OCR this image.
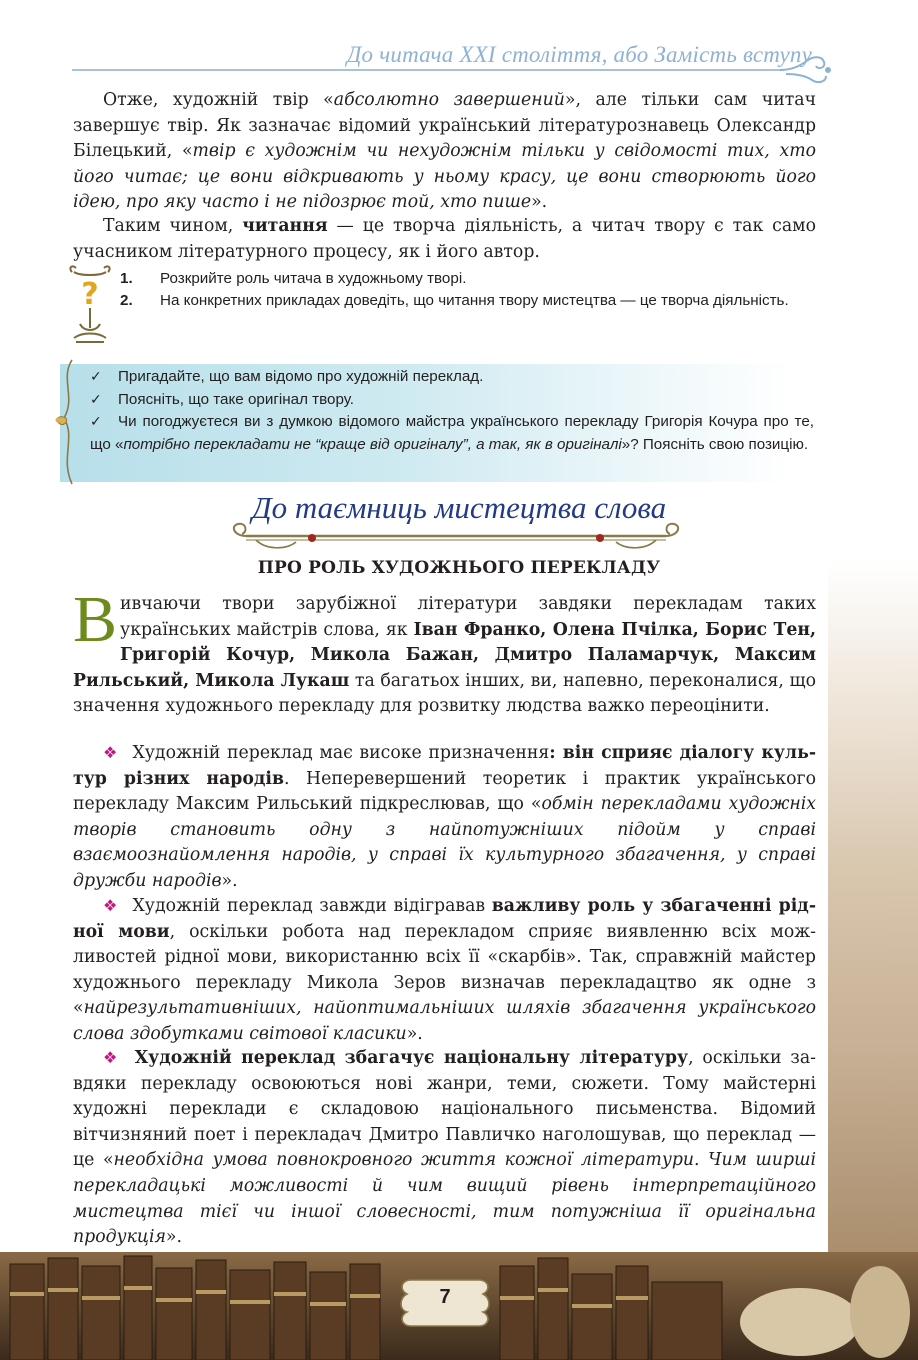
До читача XXI століття, або Замість вступу

Отже, художній твір «абсолютно завершений», але тільки сам читач завершує твір. Як зазначає відомий український літературознавець Олександр Білецький, «твір є художнім чи нехудожнім тільки у свідомості тих, хто його читає; це вони відкривають у ньому красу, це вони створюють його ідею, про яку часто і не підозрює той, хто пише».

Таким чином, читання — це творча діяльність, а читач твору є так само учасником літературного процесу, як і його автор.

? 1.	Розкрийте роль читача в художньому творі.
2.	На конкретних прикладах доведіть, що читання твору мистецтва — це творча діяльність.
✓ Пригадайте, що вам відомо про художній переклад.
✓ Поясніть, що таке оригінал твору.
✓ Чи погоджуєтеся ви з думкою відомого майстра українського перекладу Григорія Кочура про те, що «потрібно перекладати не “краще від оригіналу”, а так, як в оригіналі»? Поясніть свою позицію.
До таємниць мистецтва слова
ПРО РОЛЬ ХУДОЖНЬОГО ПЕРЕКЛАДУ

Вивчаючи твори зарубіжної літератури завдяки перекладам таких українських майстрів слова, як Іван Франко, Олена Пчілка, Борис Тен, Григорій Кочур, Микола Бажан, Дмитро Паламарчук, Максим Рильський, Микола Лукаш та багатьох інших, ви, напевно, переконалися, що значення художнього перекладу для розвитку людства важко переоцінити.

❖ Художній переклад має високе призначення: він сприяє діалогу культур різних народів. Неперевершений теоретик і практик українського перекладу Максим Рильський підкреслював, що «обмін перекладами художніх творів становить одну з найпотужніших підойм у справі взаємоознайомлення народів, у справі їх культурного збагачення, у справі дружби народів».

❖ Художній переклад завжди відігравав важливу роль у збагаченні рідної мови, оскільки робота над перекладом сприяє виявленню всіх можливостей рідної мови, використанню всіх її «скарбів». Так, справжній майстер художнього перекладу Микола Зеров визначав перекладацтво як одне з «найрезультативніших, найоптимальніших шляхів збагачення українського слова здобутками світової класики».

❖ Художній переклад збагачує національну літературу, оскільки завдяки перекладу освоюються нові жанри, теми, сюжети. Тому майстерні художні переклади є складовою національного письменства. Відомий вітчизняний поет і перекладач Дмитро Павличко наголошував, що переклад — це «необхідна умова повнокровного життя кожної літератури. Чим ширші перекладацькі можливості й чим вищий рівень інтерпретаційного мистецтва тієї чи іншої словесності, тим потужніша її оригінальна продукція».

7
